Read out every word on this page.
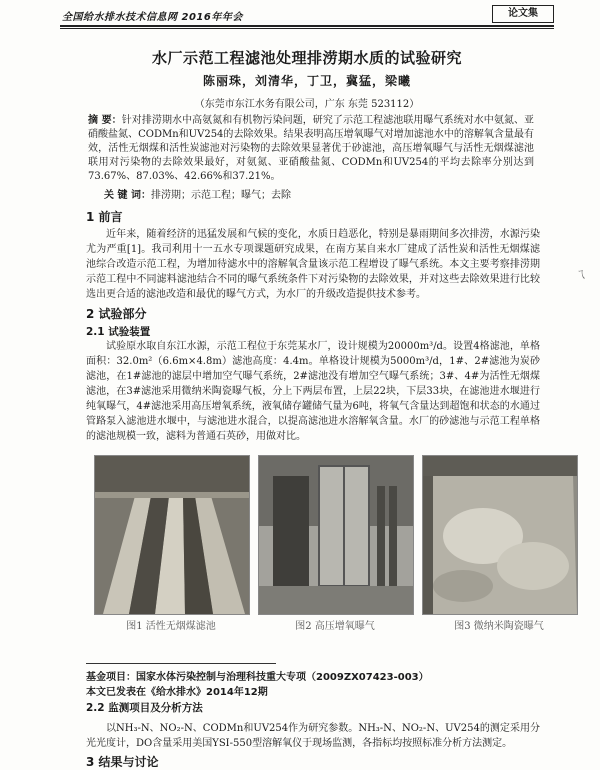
全国给水排水技术信息网 2016年年会	论文集
水厂示范工程滤池处理排涝期水质的试验研究
陈丽珠，刘清华，丁卫，冀猛，梁曦
（东莞市东江水务有限公司，广东 东莞 523112）
摘 要：针对排涝期水中高氨氮和有机物污染问题，研究了示范工程滤池联用曝气系统对水中氨氮、亚硝酸盐氮、CODMn和UV254的去除效果。结果表明高压增氧曝气对增加滤池水中的溶解氧含量最有效，活性无烟煤和活性炭滤池对污染物的去除效果显著优于砂滤池，高压增氧曝气与活性无烟煤滤池联用对污染物的去除效果最好，对氨氮、亚硝酸盐氮、CODMn和UV254的平均去除率分别达到73.67%、87.03%、42.66%和37.21%。
关 键 词：排涝期；示范工程；曝气；去除
1 前言
近年来，随着经济的迅猛发展和气候的变化，水质日趋恶化，特别是暴雨期间多次排涝，水源污染尤为严重[1]。我司利用十一五水专项课题研究成果，在南方某自来水厂建成了活性炭和活性无烟煤滤池综合改造示范工程，为增加待滤水中的溶解氧含量该示范工程增设了曝气系统。本文主要考察排涝期示范工程中不同滤料滤池结合不同的曝气系统条件下对污染物的去除效果，并对这些去除效果进行比较选出更合适的滤池改造和最优的曝气方式，为水厂的升级改造提供技术参考。
2 试验部分
2.1 试验装置
试验原水取自东江水源，示范工程位于东莞某水厂，设计规模为20000m³/d。设置4格滤池，单格面积：32.0m²（6.6m×4.8m）滤池高度：4.4m。单格设计规模为5000m³/d，1#、2#滤池为炭砂滤池，在1#滤池的滤层中增加空气曝气系统，2#滤池没有增加空气曝气系统；3#、4#为活性无烟煤滤池，在3#滤池采用微纳米陶瓷曝气板，分上下两层布置，上层22块，下层33块，在滤池进水堰进行纯氧曝气，4#滤池采用高压增氧系统，液氧储存罐储气量为6吨，将氧气含量达到超饱和状态的水通过管路泵入滤池进水堰中，与滤池进水混合，以提高滤池进水溶解氧含量。水厂的砂滤池与示范工程单格的滤池规模一致，滤料为普通石英砂，用做对比。
图1 活性无烟煤滤池	图2 高压增氧曝气	图3 微纳米陶瓷曝气
基金项目：国家水体污染控制与治理科技重大专项（2009ZX07423-003）
本文已发表在《给水排水》2014年12期
2.2 监测项目及分析方法
以NH₃-N、NO₂-N、CODMn和UV254作为研究参数。NH₃-N、NO₂-N、UV254的测定采用分光光度计，DO含量采用美国YSI-550型溶解氧仪于现场监测，各指标均按照标准分析方法测定。
3 结果与讨论
ㄟ
